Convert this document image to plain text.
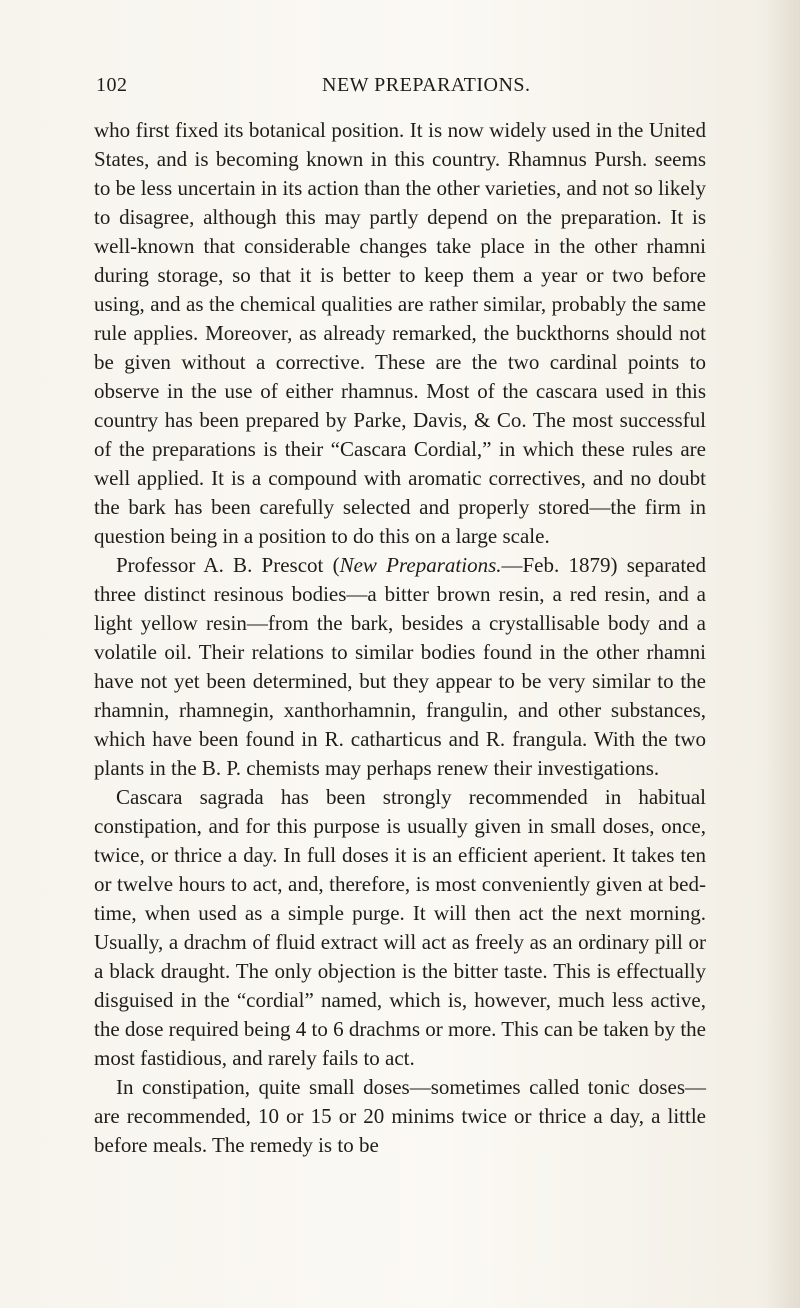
102	NEW PREPARATIONS.

who first fixed its botanical position. It is now widely used in the United States, and is becoming known in this country. Rhamnus Pursh. seems to be less uncertain in its action than the other varieties, and not so likely to disagree, although this may partly depend on the preparation. It is well-known that considerable changes take place in the other rhamni during storage, so that it is better to keep them a year or two before using, and as the chemical qualities are rather similar, probably the same rule applies. Moreover, as already remarked, the buckthorns should not be given without a corrective. These are the two cardinal points to observe in the use of either rhamnus. Most of the cascara used in this country has been prepared by Parke, Davis, & Co. The most successful of the preparations is their “Cascara Cordial,” in which these rules are well applied. It is a compound with aromatic correctives, and no doubt the bark has been carefully selected and properly stored—the firm in question being in a position to do this on a large scale.

Professor A. B. Prescot (New Preparations.—Feb. 1879) separated three distinct resinous bodies—a bitter brown resin, a red resin, and a light yellow resin—from the bark, besides a crystallisable body and a volatile oil. Their relations to similar bodies found in the other rhamni have not yet been determined, but they appear to be very similar to the rhamnin, rhamnegin, xanthorhamnin, frangulin, and other substances, which have been found in R. catharticus and R. frangula. With the two plants in the B. P. chemists may perhaps renew their investigations.

Cascara sagrada has been strongly recommended in habitual constipation, and for this purpose is usually given in small doses, once, twice, or thrice a day. In full doses it is an efficient aperient. It takes ten or twelve hours to act, and, therefore, is most conveniently given at bed-time, when used as a simple purge. It will then act the next morning. Usually, a drachm of fluid extract will act as freely as an ordinary pill or a black draught. The only objection is the bitter taste. This is effectually disguised in the “cordial” named, which is, however, much less active, the dose required being 4 to 6 drachms or more. This can be taken by the most fastidious, and rarely fails to act.

In constipation, quite small doses—sometimes called tonic doses—are recommended, 10 or 15 or 20 minims twice or thrice a day, a little before meals. The remedy is to be
